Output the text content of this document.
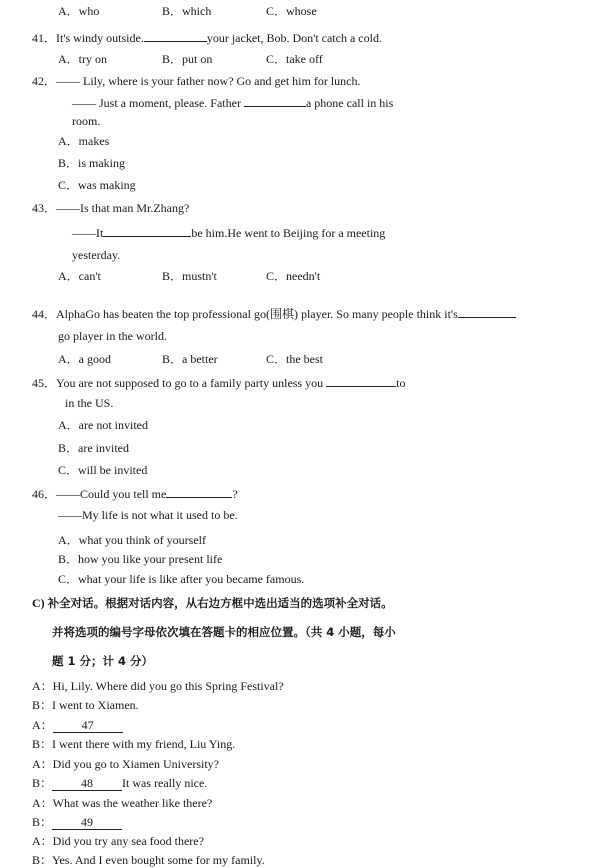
A．who	B．which	C．whose
41．It's windy outside.	your jacket, Bob. Don't catch a cold.
A．try on	B．put on	C．take off
42．—— Lily, where is your father now? Go and get him for lunch.
—— Just a moment, please. Father	a phone call in his
room.
A．makes
B．is making
C．was making
43．——Is that man Mr.Zhang?
——It	be him.He went to Beijing for a meeting
yesterday.
A．can't	B．mustn't	C．needn't
44．AlphaGo has beaten the top professional go(围棋) player. So many people think it's
go player in the world.
A．a good	B．a better	C．the best
45．You are not supposed to go to a family party unless you	to
in the US.
A．are not invited
B．are invited
C．will be invited
46．——Could you tell me	?
——My life is not what it used to be.
A．what you think of yourself
B．how you like your present life
C．what your life is like after you became famous.
C) 补全对话。根据对话内容，从右边方框中选出适当的选项补全对话。
并将选项的编号字母依次填在答题卡的相应位置。（共 4 小题，每小
题 1 分；计 4 分）
A：Hi, Lily. Where did you go this Spring Festival?
B：I went to Xiamen.
A： 47
B：I went there with my friend, Liu Ying.
A：Did you go to Xiamen University?
B： 48 It was really nice.
A：What was the weather like there?
B： 49
A：Did you try any sea food there?
B：Yes. And I even bought some for my family.
